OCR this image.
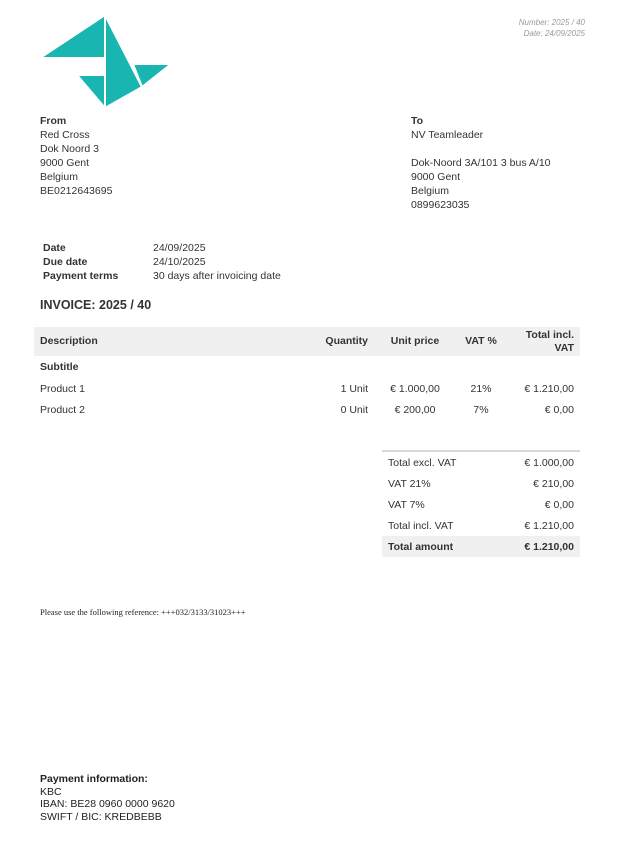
Number: 2025 / 40
Date: 24/09/2025
From
Red Cross
Dok Noord 3
9000 Gent
Belgium
BE0212643695
To
NV Teamleader
Dok-Noord 3A/101 3 bus A/10
9000 Gent
Belgium
0899623035
Date	24/09/2025
Due date	24/10/2025
Payment terms	30 days after invoicing date
INVOICE: 2025 / 40
Description	Quantity	Unit price	VAT %	Total incl.
VAT
Subtitle				
Product 1	1 Unit	€ 1.000,00	21%	€ 1.210,00
Product 2	0 Unit	€ 200,00	7%	€ 0,00
Total excl. VAT	€ 1.000,00
VAT 21%	€ 210,00
VAT 7%	€ 0,00
Total incl. VAT	€ 1.210,00
Total amount	€ 1.210,00
Please use the following reference: +++032/3133/31023+++
Payment information:
KBC
IBAN: BE28 0960 0000 9620
SWIFT / BIC: KREDBEBB
